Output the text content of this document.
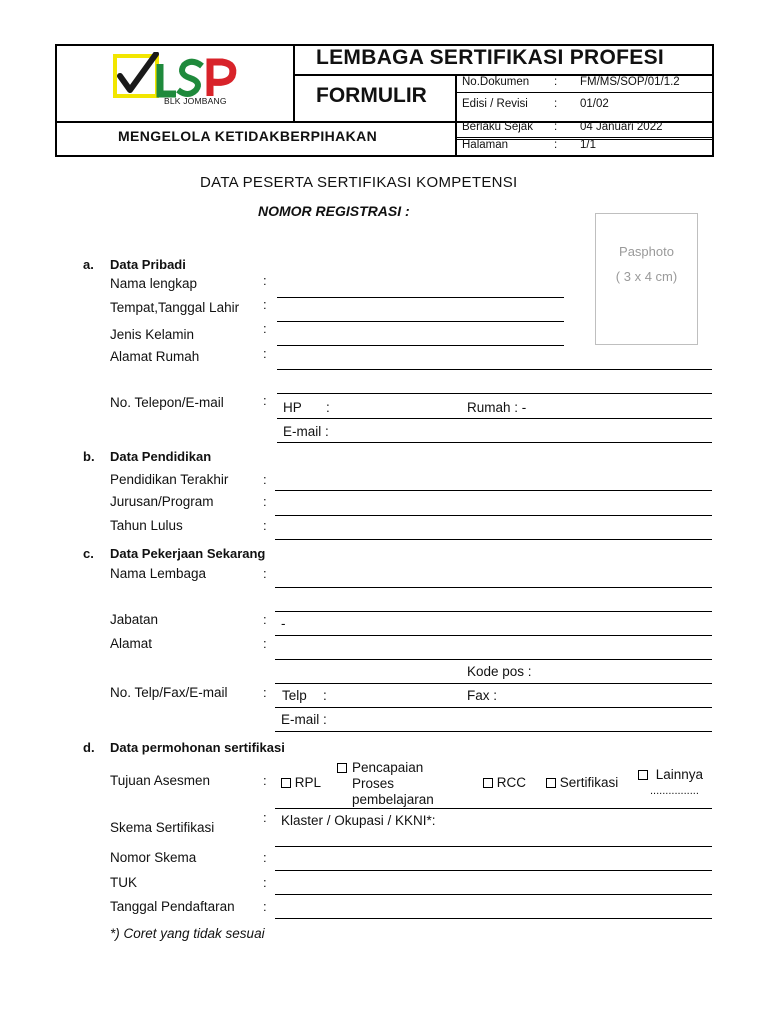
BLK JOMBANG
LEMBAGA SERTIFIKASI PROFESI
FORMULIR
MENGELOLA KETIDAKBERPIHAKAN
No.Dokumen : FM/MS/SOP/01/1.2
Edisi / Revisi : 01/02
Berlaku Sejak : 04 Januari 2022
Halaman	: 1/1
DATA PESERTA SERTIFIKASI KOMPETENSI
NOMOR REGISTRASI :
Pasphoto
( 3 x 4 cm)
a. Data Pribadi
Nama lengkap	:
Tempat,Tanggal Lahir :
Jenis Kelamin	:
Alamat Rumah	:
No. Telepon/E-mail	: HP :	Rumah : -
E-mail :
b. Data Pendidikan
Pendidikan Terakhir	:
Jurusan/Program	:
Tahun Lulus	:
c. Data Pekerjaan Sekarang
Nama Lembaga	:
Jabatan	: -
Alamat	:
Kode pos :
No. Telp/Fax/E-mail	: Telp :	Fax :
E-mail :
d. Data permohonan sertifikasi
Tujuan Asesmen	:	RPL
Pencapaian
Proses
pembelajaran
RCC	Sertifikasi
Lainnya
................
Skema Sertifikasi
: Klaster / Okupasi / KKNI*:
Nomor Skema	:
TUK	:
Tanggal Pendaftaran :
*) Coret yang tidak sesuai
